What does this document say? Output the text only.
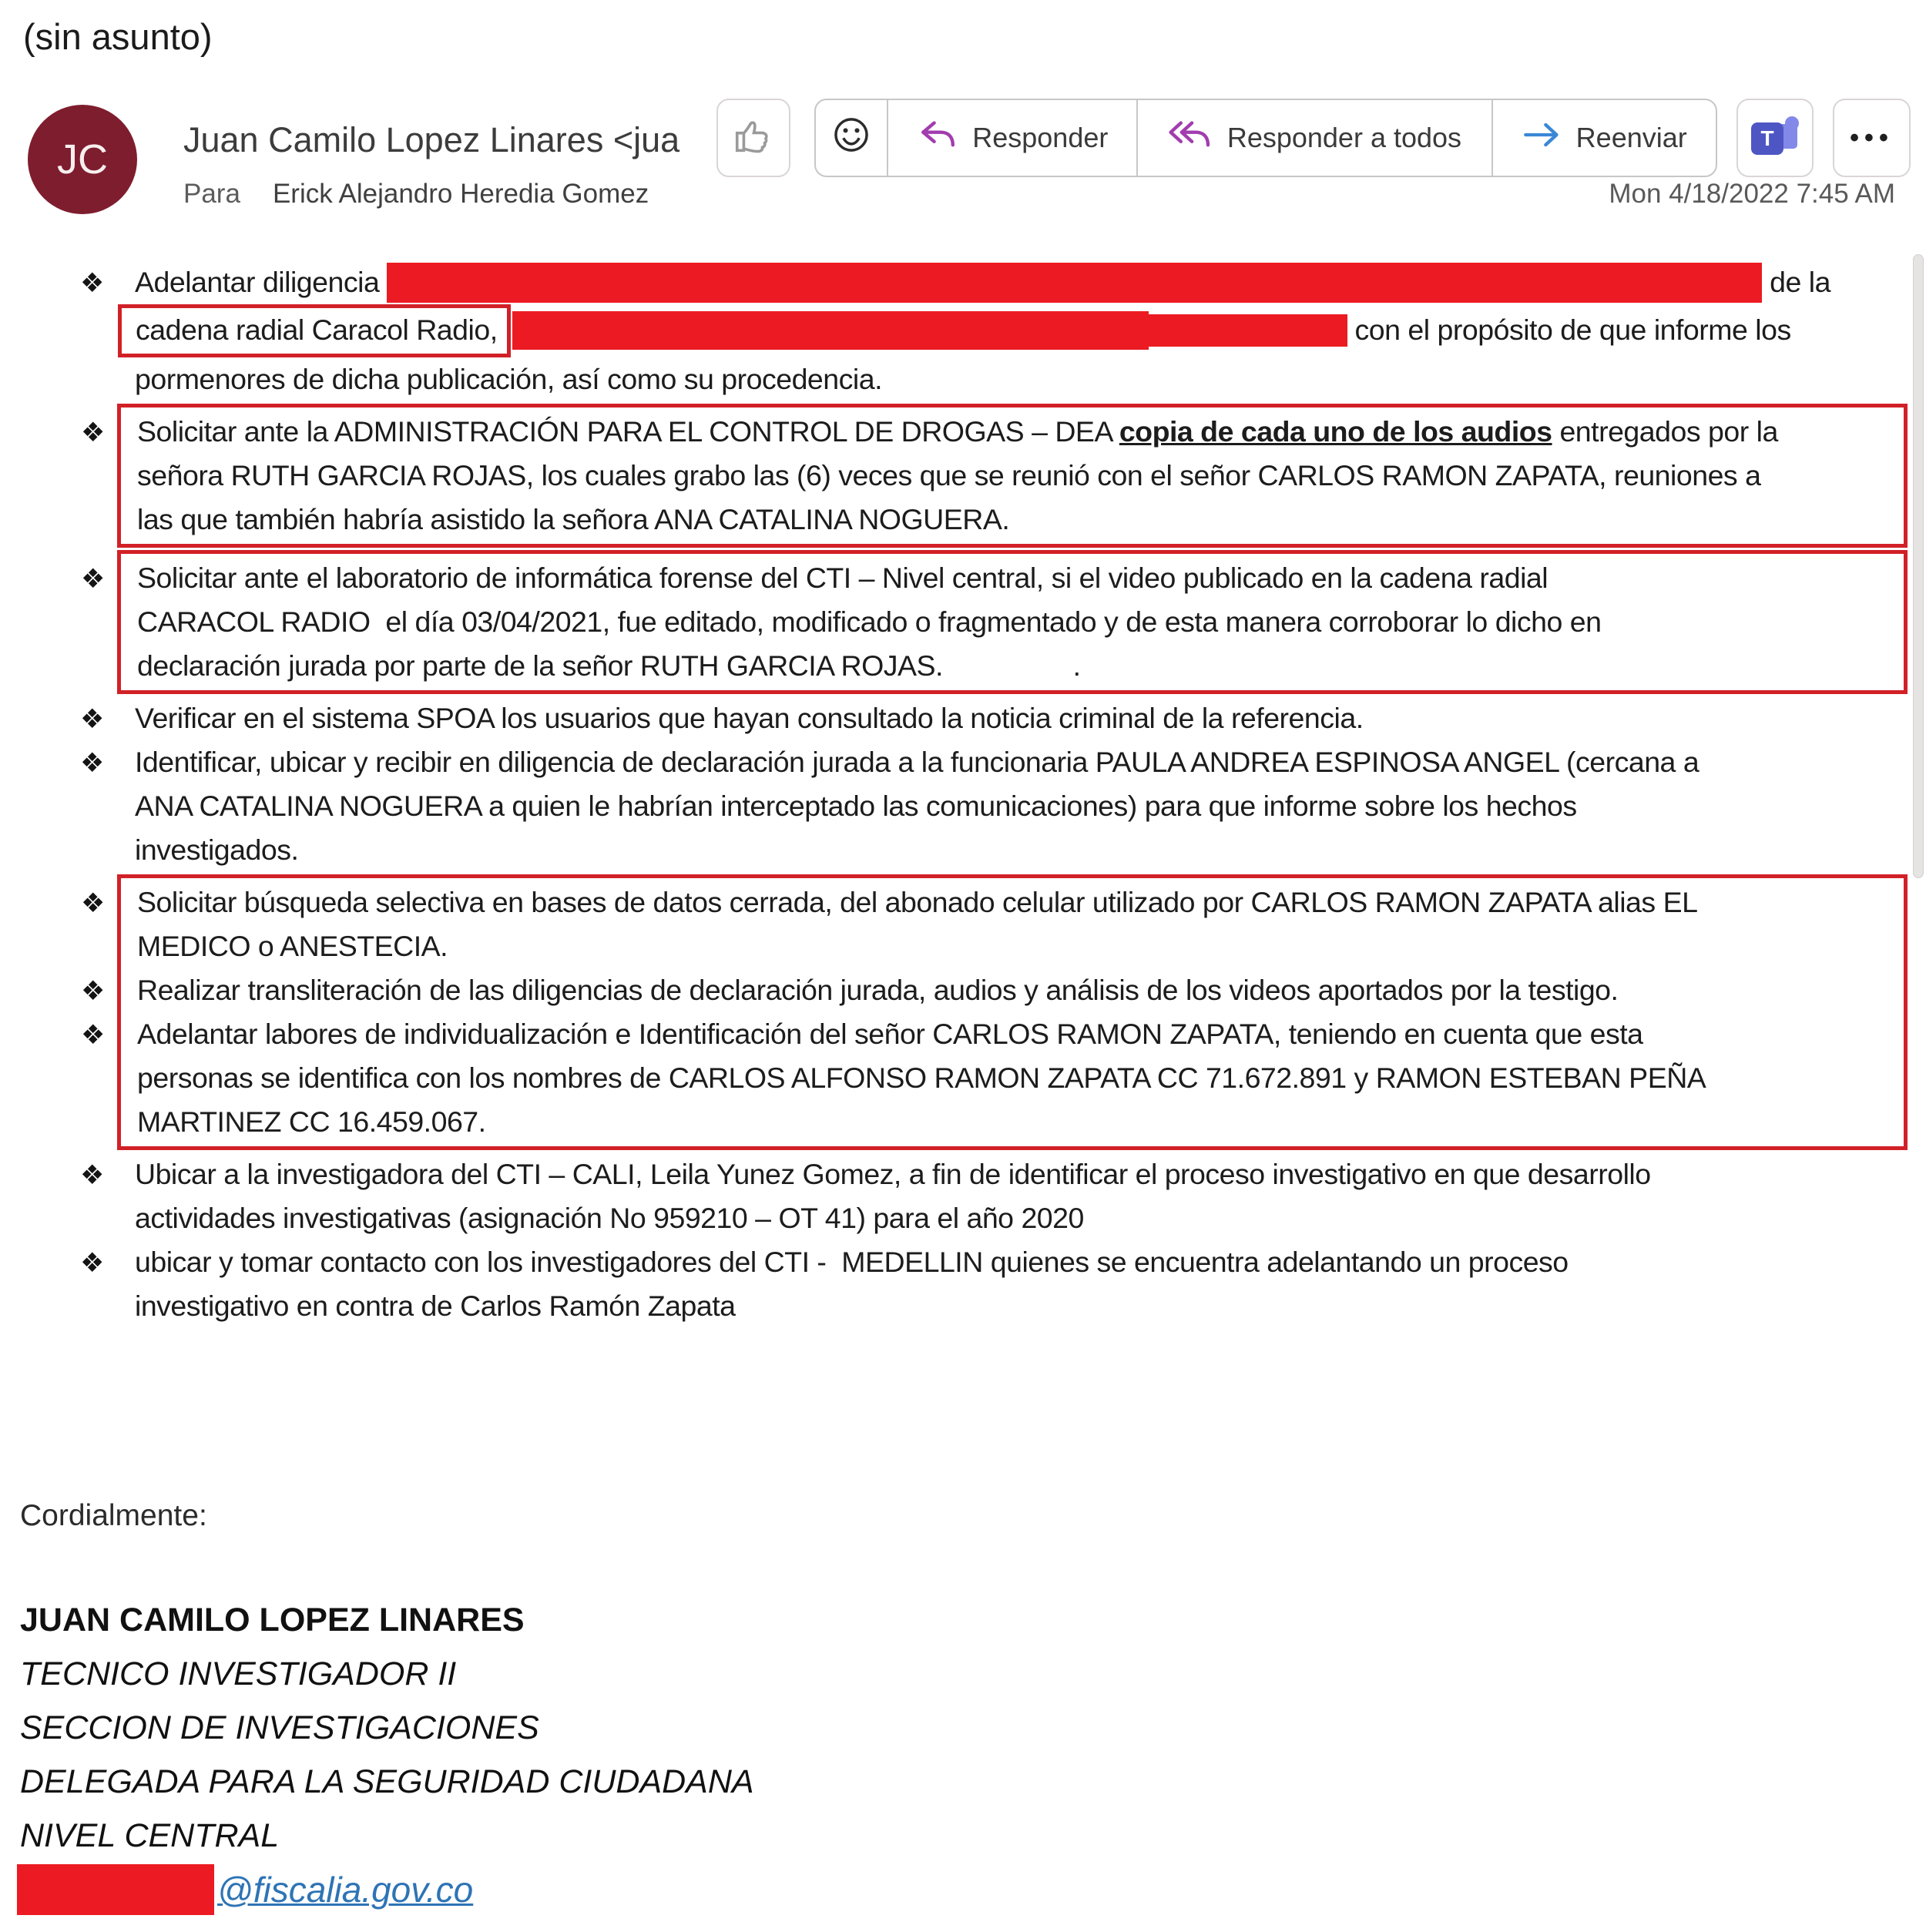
(sin asunto)
JC Juan Camilo Lopez Linares <jua
Para Erick Alejandro Heredia Gomez
Responder	Responder a todos	Reenviar	T	•••
Mon 4/18/2022 7:45 AM
❖ Adelantar diligencia	de la
cadena radial Caracol Radio,	con el propósito de que informe los
pormenores de dicha publicación, así como su procedencia.
❖ Solicitar ante la ADMINISTRACIÓN PARA EL CONTROL DE DROGAS – DEA copia de cada uno de los audios entregados por la
señora RUTH GARCIA ROJAS, los cuales grabo las (6) veces que se reunió con el señor CARLOS RAMON ZAPATA, reuniones a
las que también habría asistido la señora ANA CATALINA NOGUERA.
❖ Solicitar ante el laboratorio de informática forense del CTI – Nivel central, si el video publicado en la cadena radial
CARACOL RADIO  el día 03/04/2021, fue editado, modificado o fragmentado y de esta manera corroborar lo dicho en
declaración jurada por parte de la señor RUTH GARCIA ROJAS.                 .
❖ Verificar en el sistema SPOA los usuarios que hayan consultado la noticia criminal de la referencia.
❖ Identificar, ubicar y recibir en diligencia de declaración jurada a la funcionaria PAULA ANDREA ESPINOSA ANGEL (cercana a
ANA CATALINA NOGUERA a quien le habrían interceptado las comunicaciones) para que informe sobre los hechos
investigados.
❖ Solicitar búsqueda selectiva en bases de datos cerrada, del abonado celular utilizado por CARLOS RAMON ZAPATA alias EL
MEDICO o ANESTECIA.
❖ Realizar transliteración de las diligencias de declaración jurada, audios y análisis de los videos aportados por la testigo.
❖ Adelantar labores de individualización e Identificación del señor CARLOS RAMON ZAPATA, teniendo en cuenta que esta
personas se identifica con los nombres de CARLOS ALFONSO RAMON ZAPATA CC 71.672.891 y RAMON ESTEBAN PEÑA
MARTINEZ CC 16.459.067.
❖ Ubicar a la investigadora del CTI – CALI, Leila Yunez Gomez, a fin de identificar el proceso investigativo en que desarrollo
actividades investigativas (asignación No 959210 – OT 41) para el año 2020
❖ ubicar y tomar contacto con los investigadores del CTI -  MEDELLIN quienes se encuentra adelantando un proceso
investigativo en contra de Carlos Ramón Zapata
Cordialmente:
JUAN CAMILO LOPEZ LINARES
TECNICO INVESTIGADOR II
SECCION DE INVESTIGACIONES
DELEGADA PARA LA SEGURIDAD CIUDADANA
NIVEL CENTRAL
@fiscalia.gov.co
